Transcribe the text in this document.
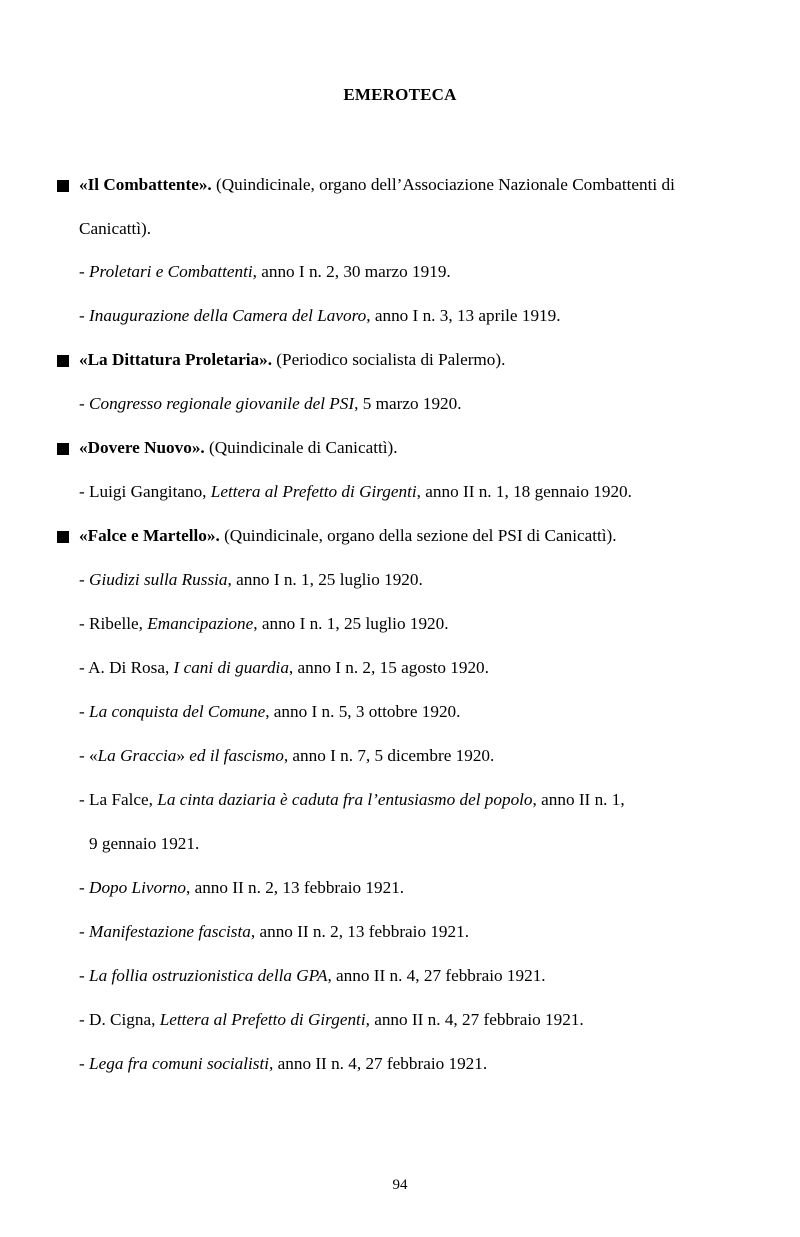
EMEROTECA
«Il Combattente». (Quindicinale, organo dell’Associazione Nazionale Combattenti di
Canicattì).
- Proletari e Combattenti, anno I n. 2, 30 marzo 1919.
- Inaugurazione della Camera del Lavoro, anno I n. 3, 13 aprile 1919.
«La Dittatura Proletaria». (Periodico socialista di Palermo).
- Congresso regionale giovanile del PSI, 5 marzo 1920.
«Dovere Nuovo». (Quindicinale di Canicattì).
- Luigi Gangitano, Lettera al Prefetto di Girgenti, anno II n. 1, 18 gennaio 1920.
«Falce e Martello». (Quindicinale, organo della sezione del PSI di Canicattì).
- Giudizi sulla Russia, anno I n. 1, 25 luglio 1920.
- Ribelle, Emancipazione, anno I n. 1, 25 luglio 1920.
- A. Di Rosa, I cani di guardia, anno I n. 2, 15 agosto 1920.
- La conquista del Comune, anno I n. 5, 3 ottobre 1920.
- «La Graccia» ed il fascismo, anno I n. 7, 5 dicembre 1920.
- La Falce, La cinta daziaria è caduta fra l’entusiasmo del popolo, anno II n. 1,
9 gennaio 1921.
- Dopo Livorno, anno II n. 2, 13 febbraio 1921.
- Manifestazione fascista, anno II n. 2, 13 febbraio 1921.
- La follia ostruzionistica della GPA, anno II n. 4, 27 febbraio 1921.
- D. Cigna, Lettera al Prefetto di Girgenti, anno II n. 4, 27 febbraio 1921.
- Lega fra comuni socialisti, anno II n. 4, 27 febbraio 1921.
94
